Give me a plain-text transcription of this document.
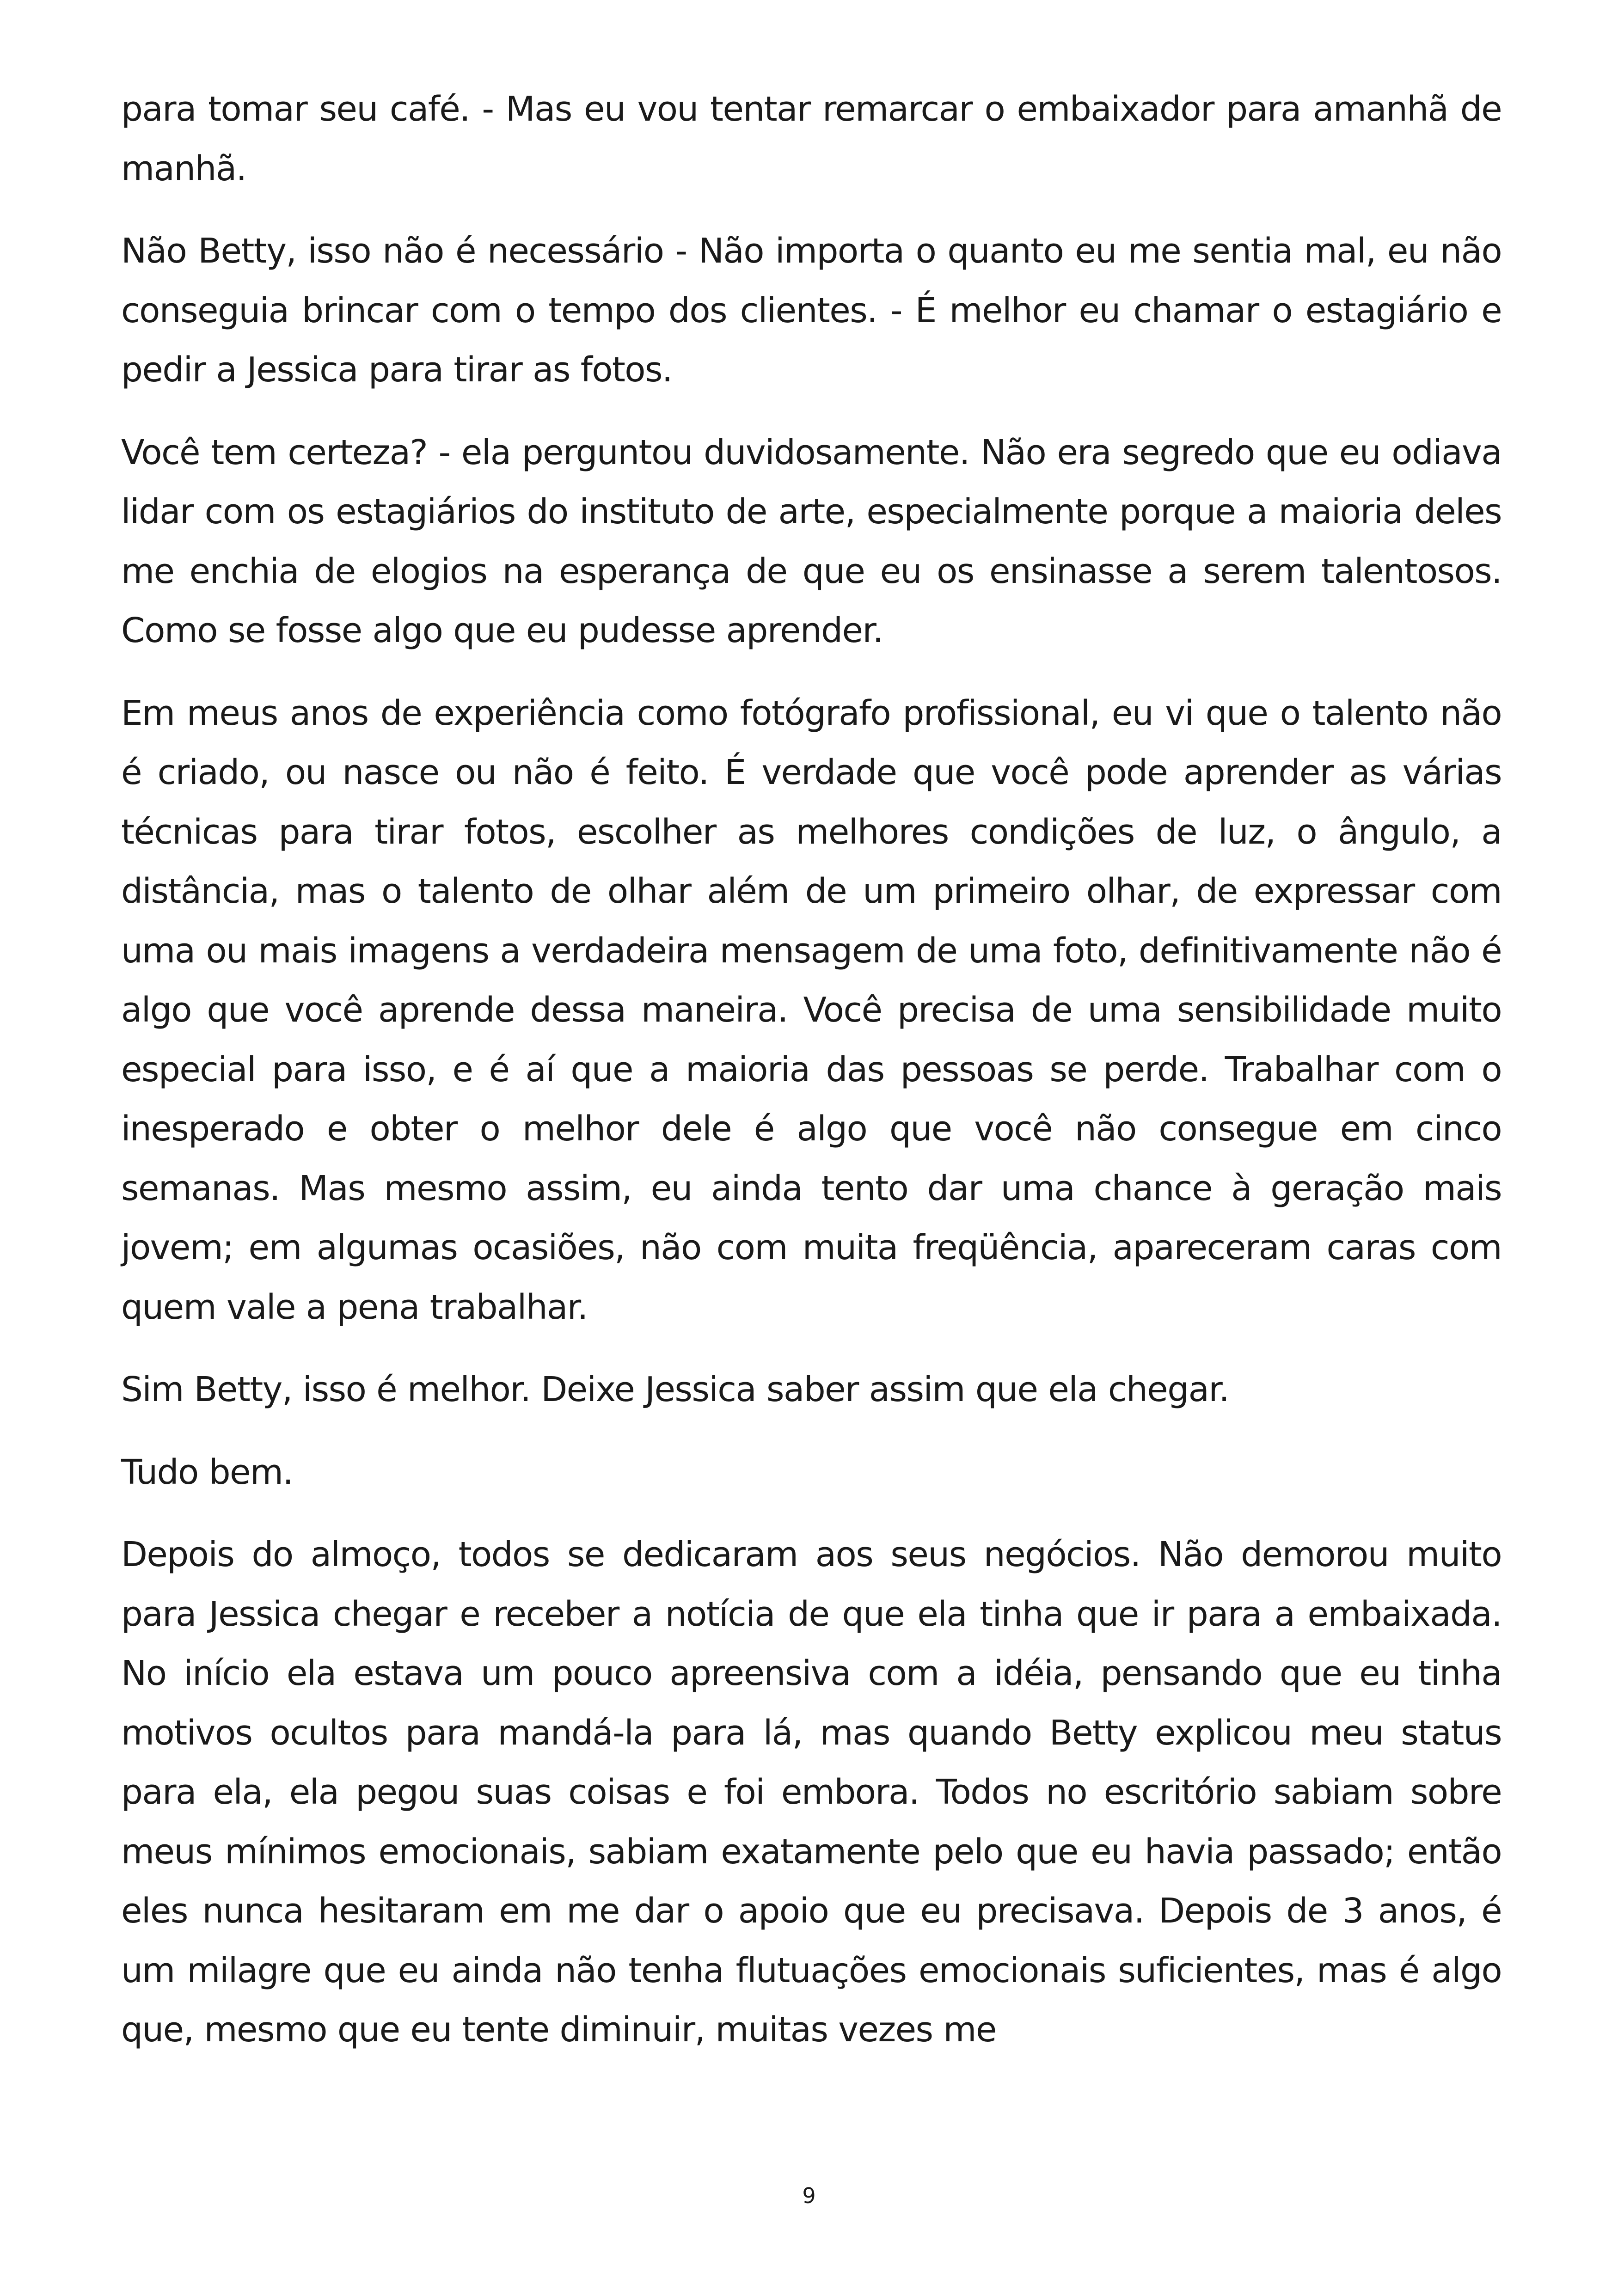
para tomar seu café. - Mas eu vou tentar remarcar o embaixador para amanhã de manhã.

Não Betty, isso não é necessário - Não importa o quanto eu me sentia mal, eu não conseguia brincar com o tempo dos clientes. - É melhor eu chamar o estagiário e pedir a Jessica para tirar as fotos.

Você tem certeza? - ela perguntou duvidosamente. Não era segredo que eu odiava lidar com os estagiários do instituto de arte, especialmente porque a maioria deles me enchia de elogios na esperança de que eu os ensinasse a serem talentosos. Como se fosse algo que eu pudesse aprender.

Em meus anos de experiência como fotógrafo profissional, eu vi que o talento não é criado, ou nasce ou não é feito. É verdade que você pode aprender as várias técnicas para tirar fotos, escolher as melhores condições de luz, o ângulo, a distância, mas o talento de olhar além de um primeiro olhar, de expressar com uma ou mais imagens a verdadeira mensagem de uma foto, definitivamente não é algo que você aprende dessa maneira. Você precisa de uma sensibilidade muito especial para isso, e é aí que a maioria das pessoas se perde. Trabalhar com o inesperado e obter o melhor dele é algo que você não consegue em cinco semanas. Mas mesmo assim, eu ainda tento dar uma chance à geração mais jovem; em algumas ocasiões, não com muita freqüência, apareceram caras com quem vale a pena trabalhar.

Sim Betty, isso é melhor. Deixe Jessica saber assim que ela chegar.

Tudo bem.

Depois do almoço, todos se dedicaram aos seus negócios. Não demorou muito para Jessica chegar e receber a notícia de que ela tinha que ir para a embaixada. No início ela estava um pouco apreensiva com a idéia, pensando que eu tinha motivos ocultos para mandá-la para lá, mas quando Betty explicou meu status para ela, ela pegou suas coisas e foi embora. Todos no escritório sabiam sobre meus mínimos emocionais, sabiam exatamente pelo que eu havia passado; então eles nunca hesitaram em me dar o apoio que eu precisava. Depois de 3 anos, é um milagre que eu ainda não tenha flutuações emocionais suficientes, mas é algo que, mesmo que eu tente diminuir, muitas vezes me

9
